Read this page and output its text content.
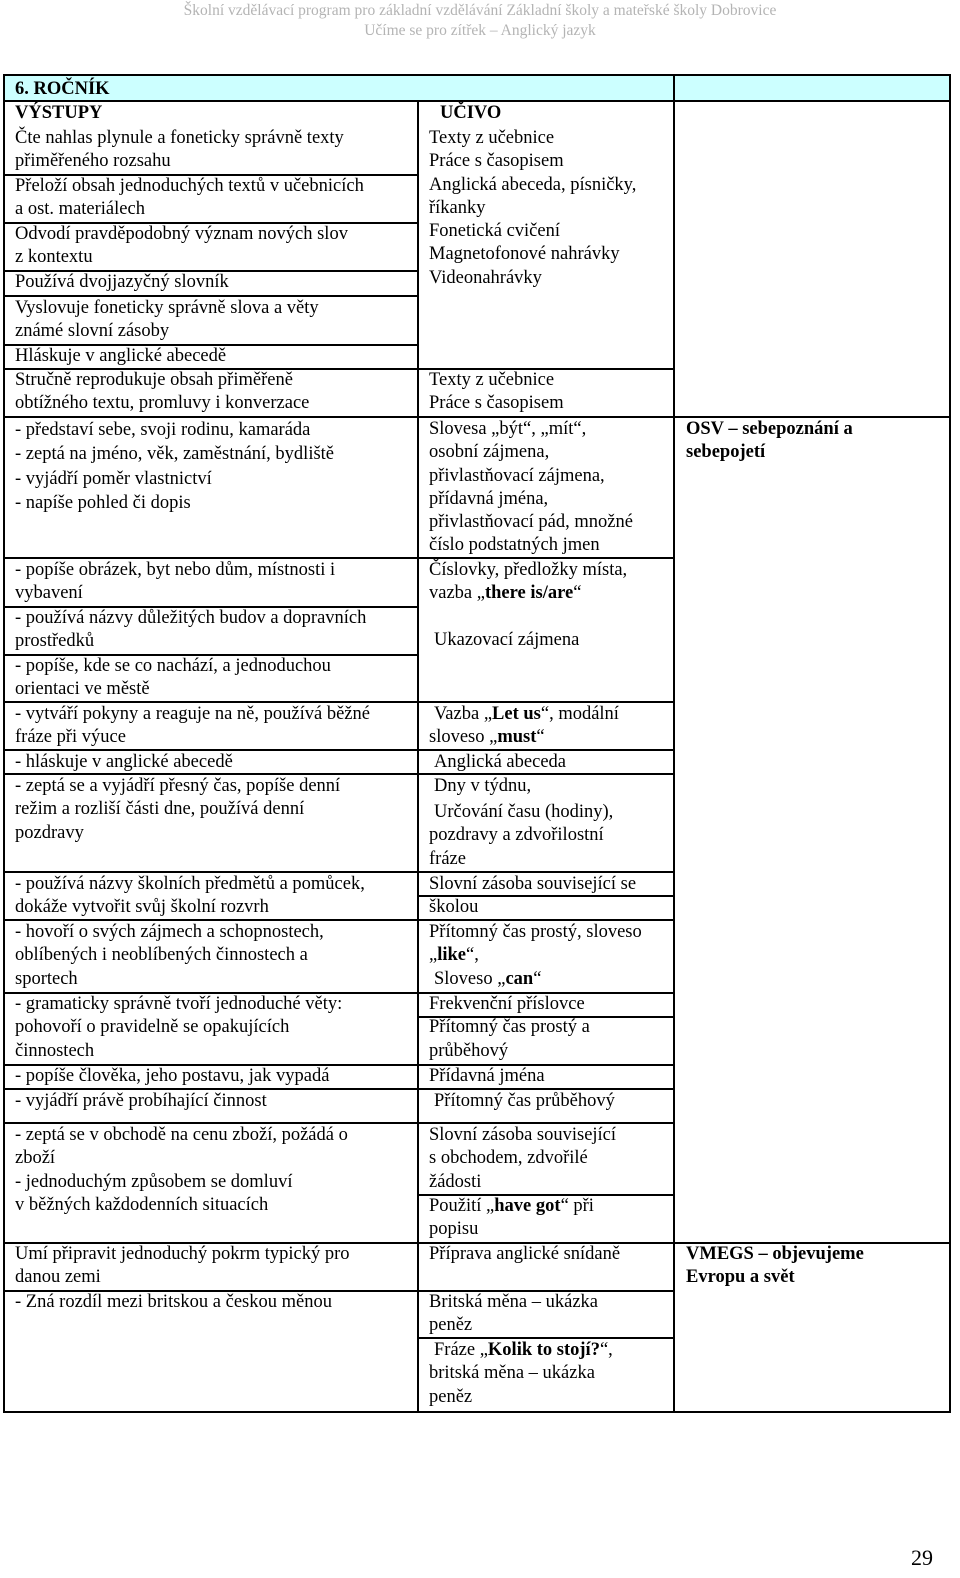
Školní vzdělávací program pro základní vzdělávání Základní školy a mateřské školy Dobrovice
Učíme se pro zítřek – Anglický jazyk
6. ROČNÍK
VÝSTUPY	UČIVO
Čte nahlas plynule a foneticky správně texty
přiměřeného rozsahu
Přeloží obsah jednoduchých textů v učebnicích
a ost. materiálech
Odvodí pravděpodobný význam nových slov
z kontextu
Používá dvojjazyčný slovník
Vyslovuje foneticky správně slova a věty
známé slovní zásoby
Hláskuje v anglické abecedě
Stručně reprodukuje obsah přiměřeně
obtížného textu, promluvy i konverzace
- představí sebe, svoji rodinu, kamaráda
- zeptá na jméno, věk, zaměstnání, bydliště
- vyjádří poměr vlastnictví
- napíše pohled či dopis
- popíše obrázek, byt nebo dům, místnosti i
vybavení
- používá názvy důležitých budov a dopravních
prostředků
- popíše, kde se co nachází, a jednoduchou
orientaci ve městě
- vytváří pokyny a reaguje na ně, používá běžné
fráze při výuce
- hláskuje v anglické abecedě
- zeptá se a vyjádří přesný čas, popíše denní
režim a rozliší části dne, používá denní
pozdravy
- používá názvy školních předmětů a pomůcek,
dokáže vytvořit svůj školní rozvrh
- hovoří o svých zájmech a schopnostech,
oblíbených i neoblíbených činnostech a
sportech
- gramaticky správně tvoří jednoduché věty:
pohovoří o pravidelně se opakujících
činnostech
- popíše člověka, jeho postavu, jak vypadá
- vyjádří právě probíhající činnost
- zeptá se v obchodě na cenu zboží, požádá o
zboží
- jednoduchým způsobem se domluví
v běžných každodenních situacích
Umí připravit jednoduchý pokrm typický pro
danou zemi
- Zná rozdíl mezi britskou a českou měnou
Texty z učebnice
Práce s časopisem
Anglická abeceda, písničky,
říkanky
Fonetická cvičení
Magnetofonové nahrávky
Videonahrávky
Texty z učebnice
Práce s časopisem
Slovesa „být“, „mít“,
osobní zájmena,
přivlastňovací zájmena,
přídavná jména,
přivlastňovací pád, množné
číslo podstatných jmen
Číslovky, předložky místa,
vazba „there is/are“
Ukazovací zájmena
Vazba „Let us“, modální
sloveso „must“
Anglická abeceda
Dny v týdnu,
Určování času (hodiny),
pozdravy a zdvořilostní
fráze
Slovní zásoba související se
školou
Přítomný čas prostý, sloveso
„like“,
Sloveso „can“
Frekvenční příslovce
Přítomný čas prostý a
průběhový
Přídavná jména
Přítomný čas průběhový
Slovní zásoba související
s obchodem, zdvořilé
žádosti
Použití „have got“ při
popisu
Příprava anglické snídaně
Britská měna – ukázka
peněz
Fráze „Kolik to stojí?“,
britská měna – ukázka
peněz
OSV – sebepoznání a
sebepojetí
VMEGS – objevujeme
Evropu a svět
29
